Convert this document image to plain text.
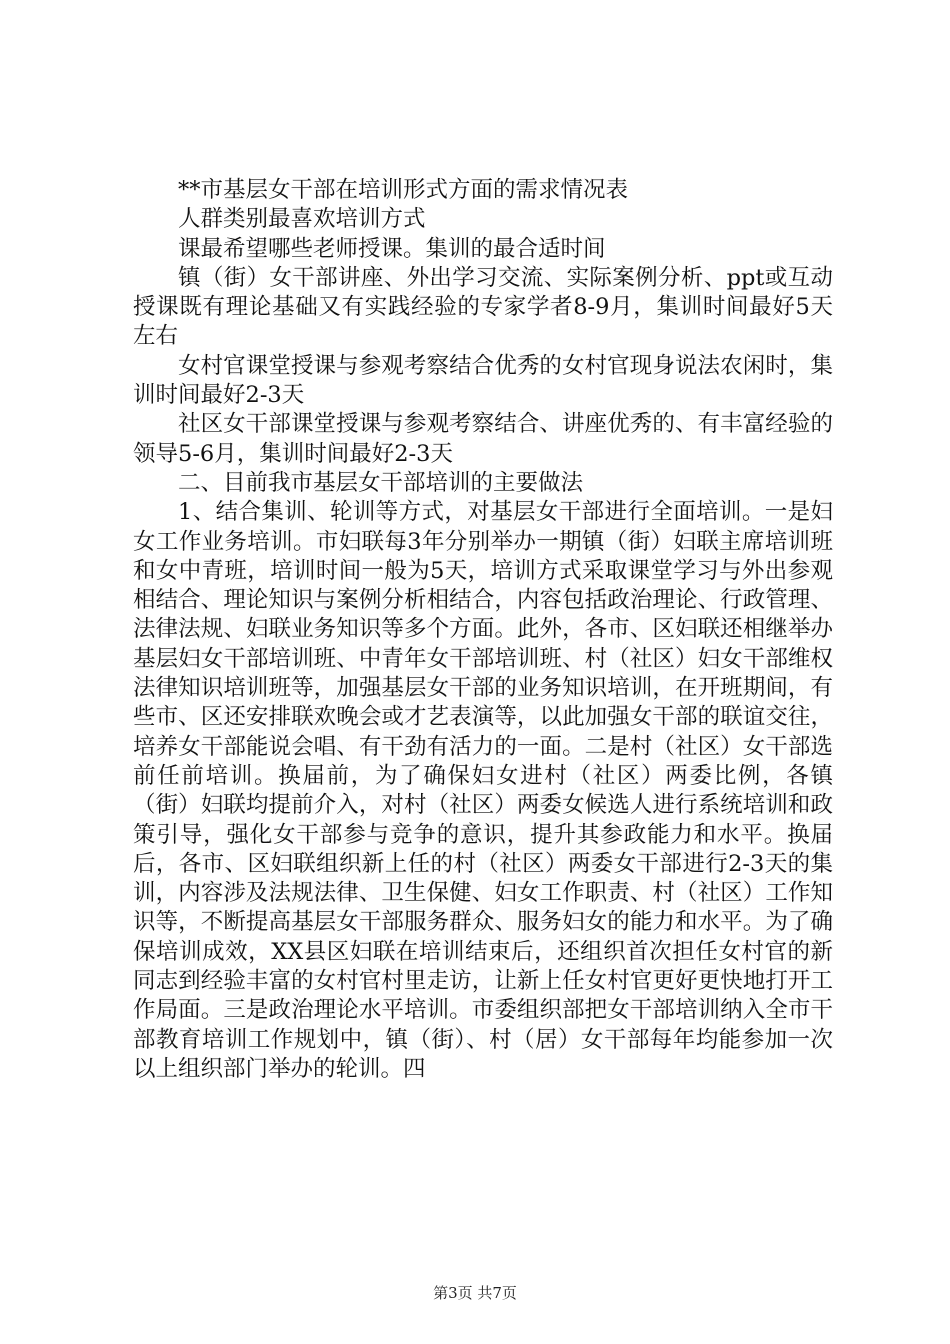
**市基层女干部在培训形式方面的需求情况表

人群类别最喜欢培训方式

课最希望哪些老师授课。集训的最合适时间

镇（街）女干部讲座、外出学习交流、实际案例分析、ppt或互动授课既有理论基础又有实践经验的专家学者8-9月，集训时间最好5天左右

女村官课堂授课与参观考察结合优秀的女村官现身说法农闲时，集训时间最好2-3天

社区女干部课堂授课与参观考察结合、讲座优秀的、有丰富经验的领导5-6月，集训时间最好2-3天

二、目前我市基层女干部培训的主要做法

1、结合集训、轮训等方式，对基层女干部进行全面培训。一是妇女工作业务培训。市妇联每3年分别举办一期镇（街）妇联主席培训班和女中青班，培训时间一般为5天，培训方式采取课堂学习与外出参观相结合、理论知识与案例分析相结合，内容包括政治理论、行政管理、法律法规、妇联业务知识等多个方面。此外，各市、区妇联还相继举办基层妇女干部培训班、中青年女干部培训班、村（社区）妇女干部维权法律知识培训班等，加强基层女干部的业务知识培训，在开班期间，有些市、区还安排联欢晚会或才艺表演等，以此加强女干部的联谊交往，培养女干部能说会唱、有干劲有活力的一面。二是村（社区）女干部选前任前培训。换届前，为了确保妇女进村（社区）两委比例，各镇（街）妇联均提前介入，对村（社区）两委女候选人进行系统培训和政策引导，强化女干部参与竞争的意识，提升其参政能力和水平。换届后，各市、区妇联组织新上任的村（社区）两委女干部进行2-3天的集训，内容涉及法规法律、卫生保健、妇女工作职责、村（社区）工作知识等，不断提高基层女干部服务群众、服务妇女的能力和水平。为了确保培训成效，XX县区妇联在培训结束后，还组织首次担任女村官的新同志到经验丰富的女村官村里走访，让新上任女村官更好更快地打开工作局面。三是政治理论水平培训。市委组织部把女干部培训纳入全市干部教育培训工作规划中，镇（街）、村（居）女干部每年均能参加一次以上组织部门举办的轮训。四

第3页 共7页
